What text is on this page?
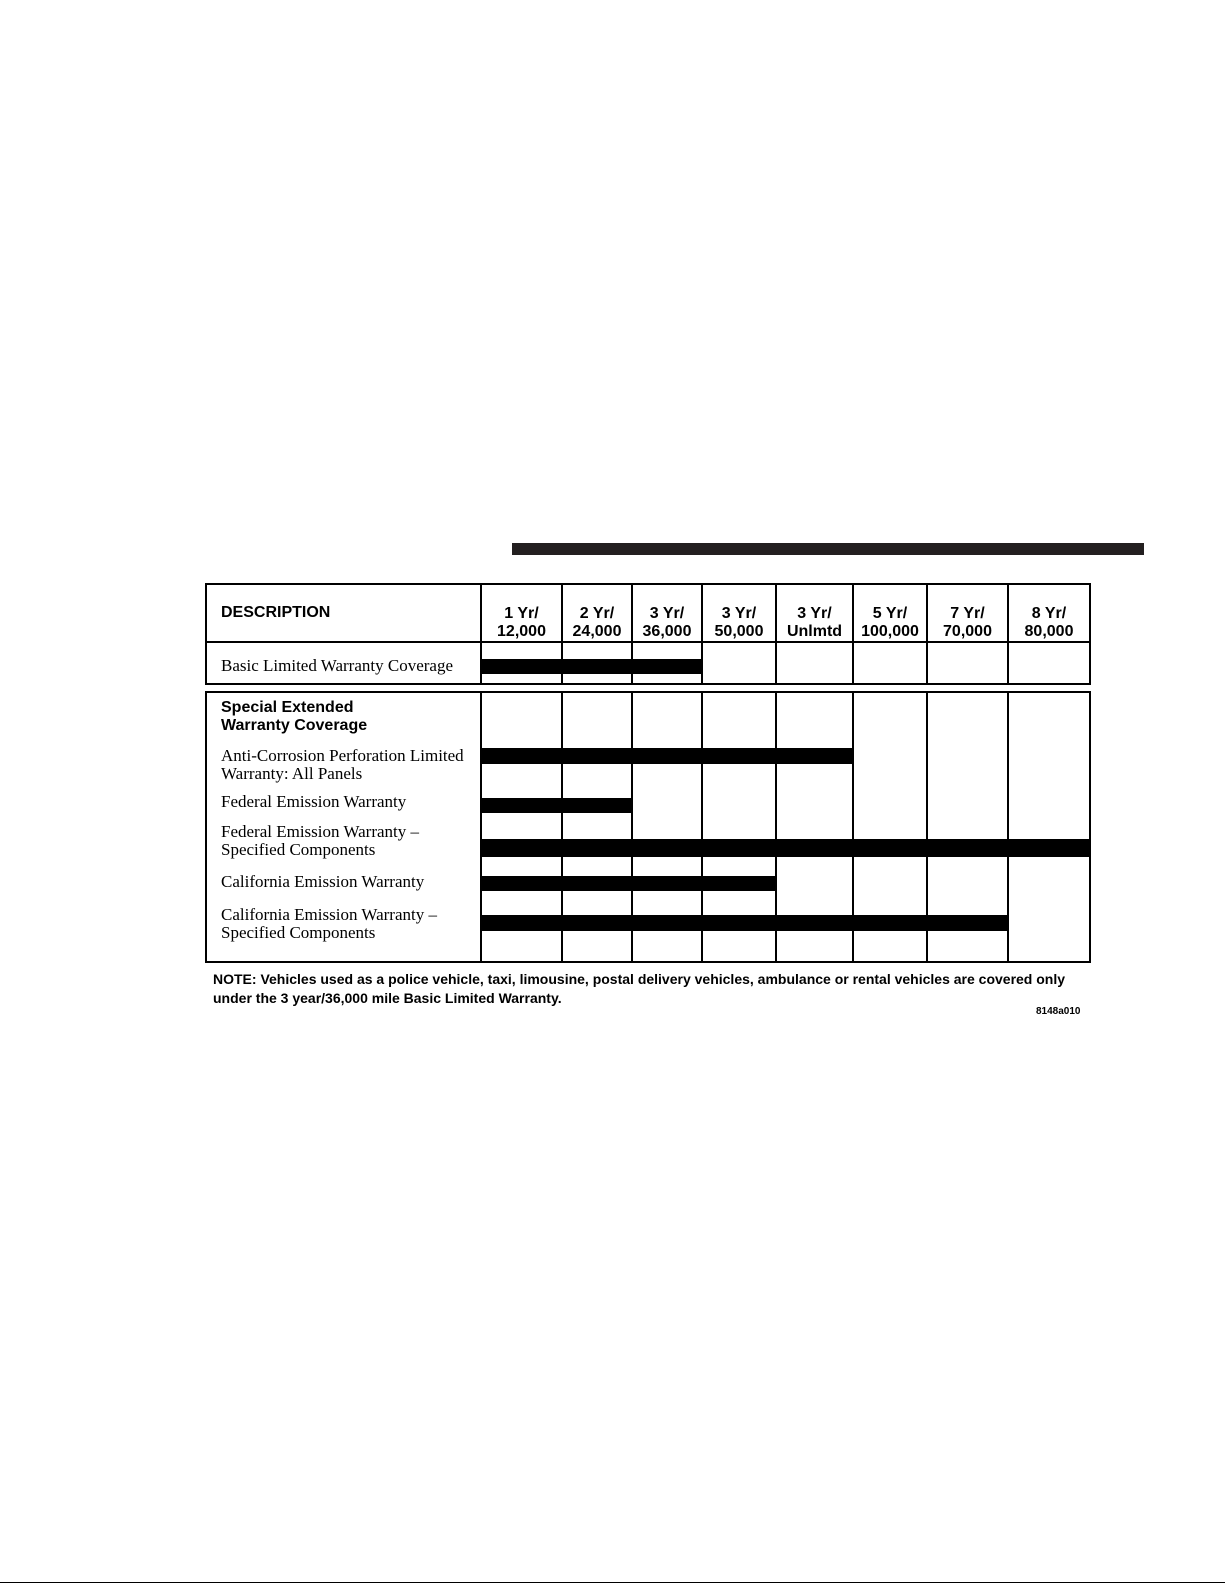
DESCRIPTION	1 Yr/
12,000
2 Yr/
24,000
3 Yr/
36,000
3 Yr/
50,000
3 Yr/
Unlmtd
5 Yr/
100,000
7 Yr/
70,000
8 Yr/
80,000
Basic Limited Warranty Coverage
Special Extended
Warranty Coverage
Anti-Corrosion Perforation Limited
Warranty: All Panels
Federal Emission Warranty
Federal Emission Warranty –
Specified Components
California Emission Warranty
California Emission Warranty –
Specified Components
NOTE: Vehicles used as a police vehicle, taxi, limousine, postal delivery vehicles, ambulance or rental vehicles are covered only under the 3 year/36,000 mile Basic Limited Warranty.
8148a010
